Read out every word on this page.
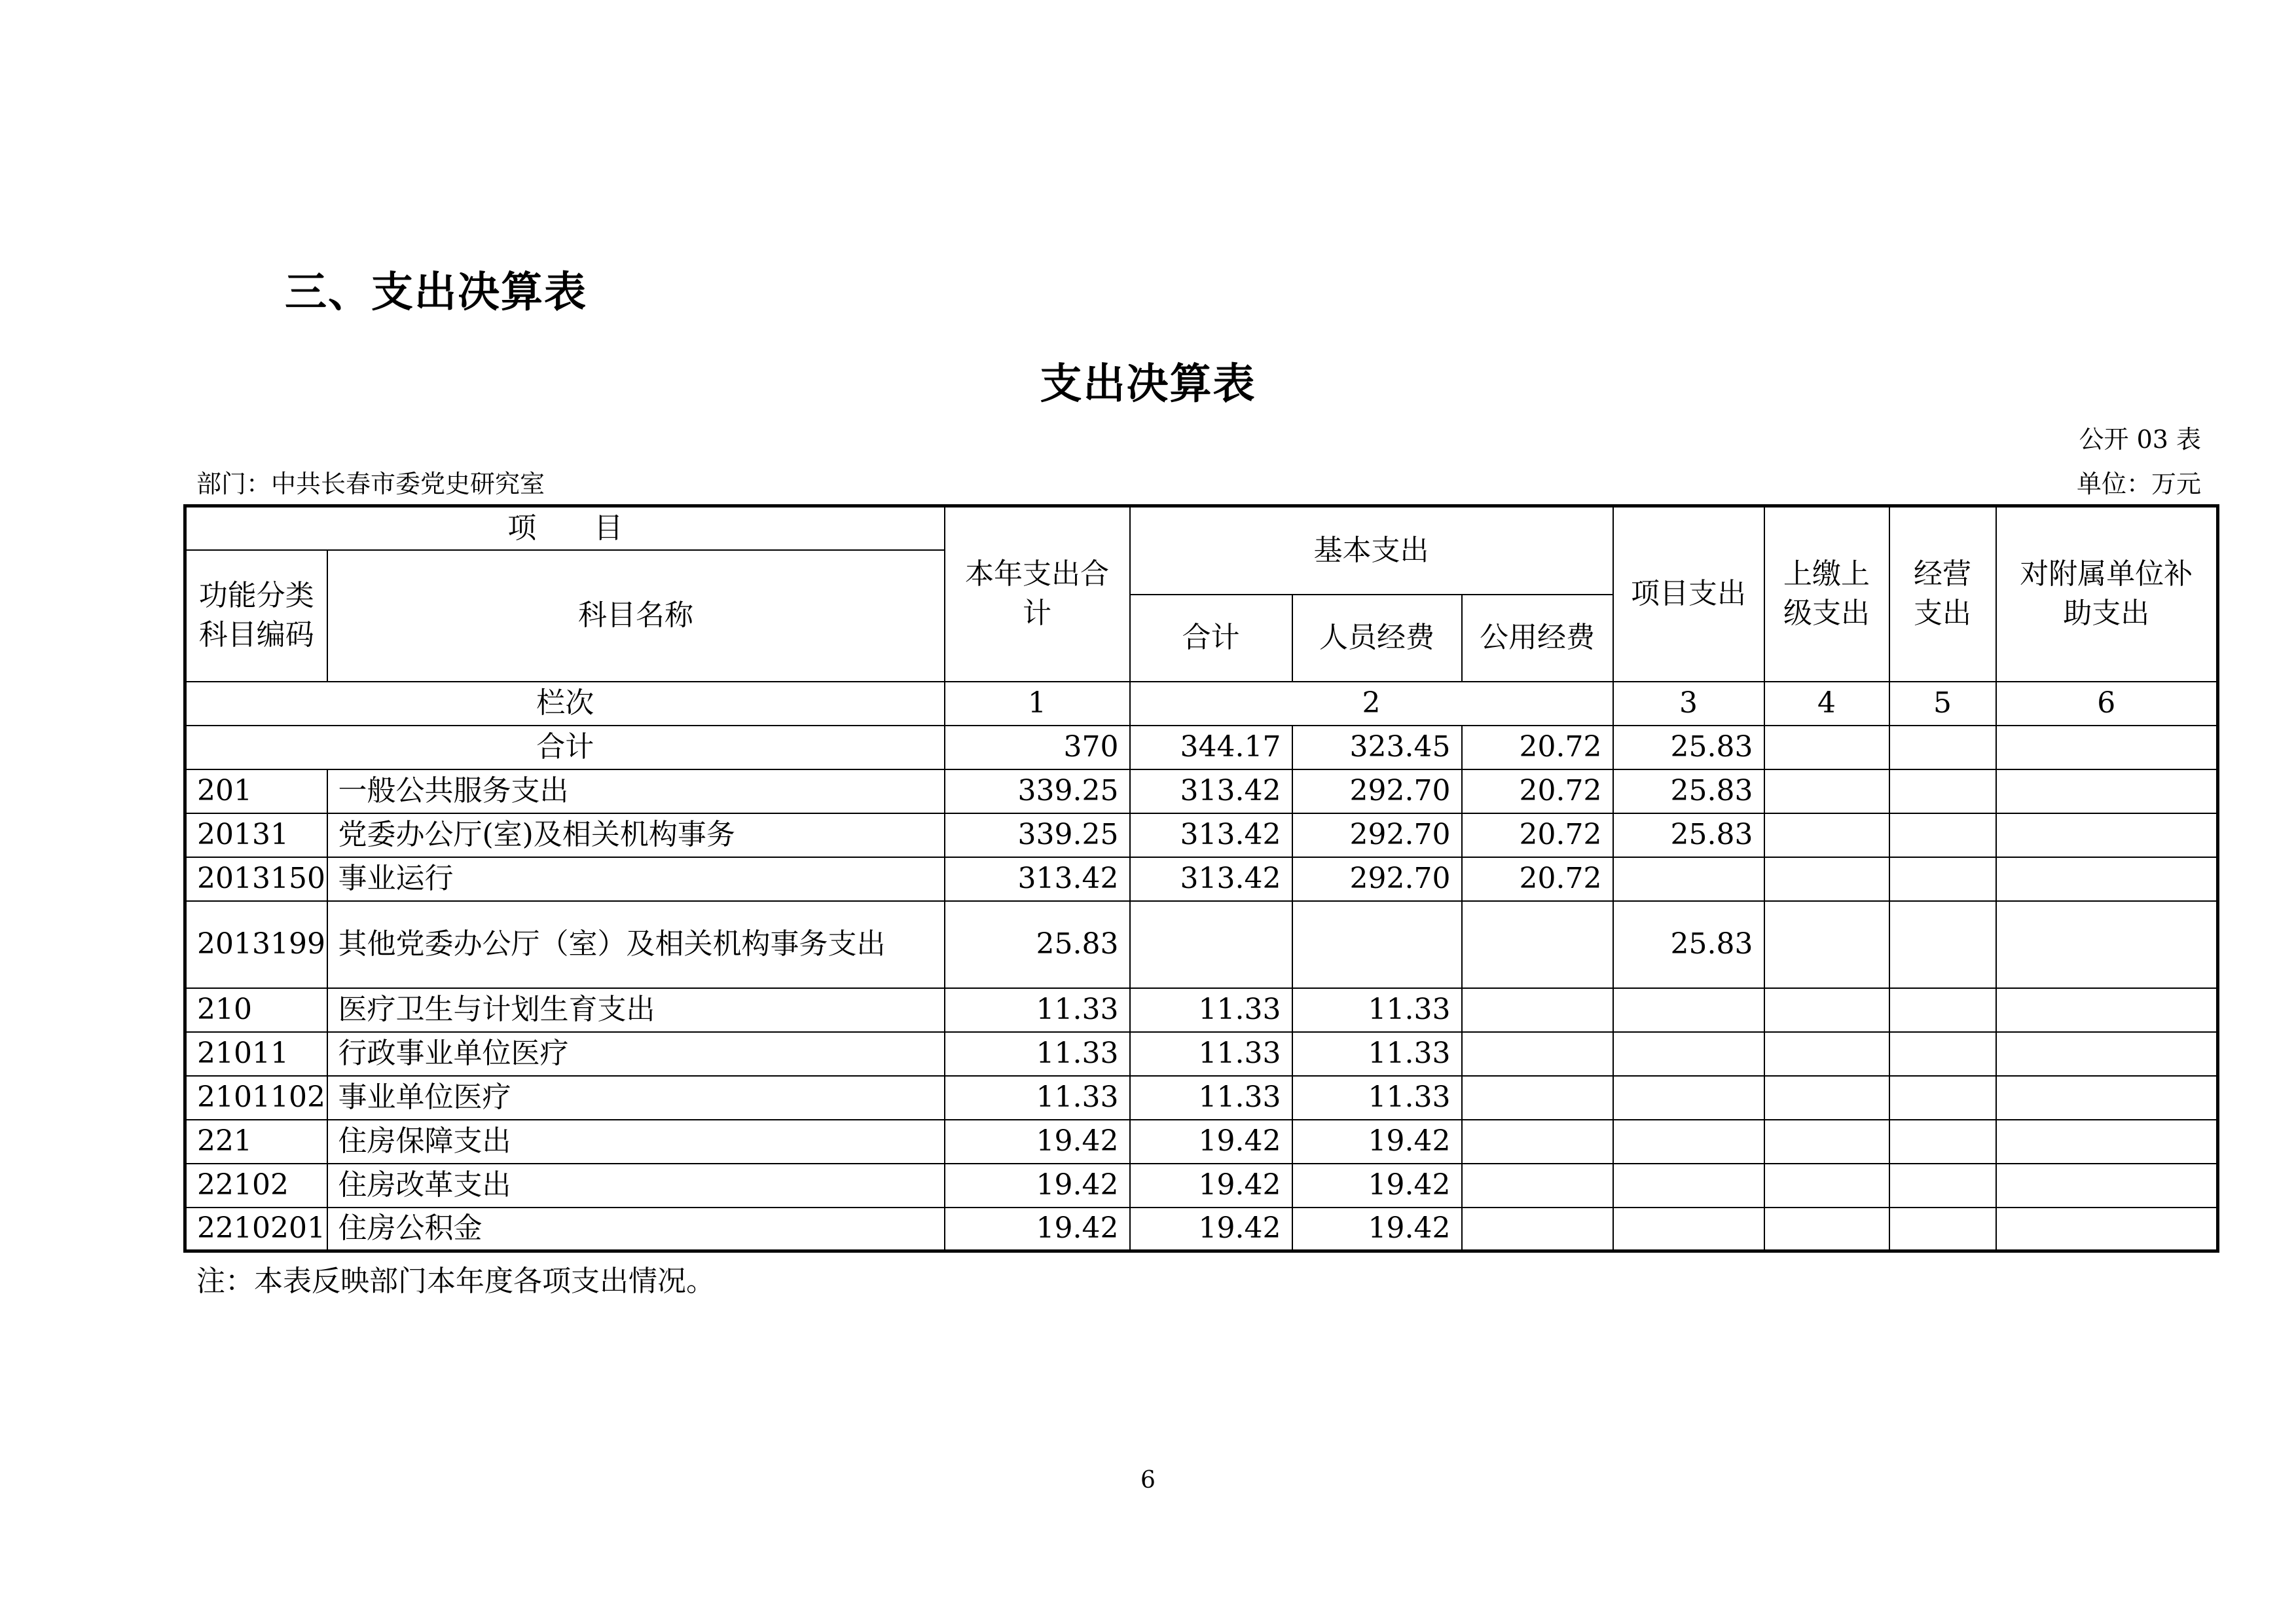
三、支出决算表
支出决算表
公开 03 表
部门：中共长春市委党史研究室	单位：万元
项　　目		本年支出合计	基本支出			项目支出	上缴上级支出	经营支出	对附属单位补助支出
功能分类科目编码	科目名称								
			合计	人员经费	公用经费				
栏次		1	2			3	4	5	6
合计		370	344.17	323.45	20.72	25.83			
201	一般公共服务支出	339.25	313.42	292.70	20.72	25.83			
20131	党委办公厅(室)及相关机构事务	339.25	313.42	292.70	20.72	25.83			
2013150	事业运行	313.42	313.42	292.70	20.72				
2013199	其他党委办公厅（室）及相关机构事务支出	25.83				25.83			
210	医疗卫生与计划生育支出	11.33	11.33	11.33					
21011	行政事业单位医疗	11.33	11.33	11.33					
2101102	事业单位医疗	11.33	11.33	11.33					
221	住房保障支出	19.42	19.42	19.42					
22102	住房改革支出	19.42	19.42	19.42					
2210201	住房公积金	19.42	19.42	19.42					
注：本表反映部门本年度各项支出情况。
6
